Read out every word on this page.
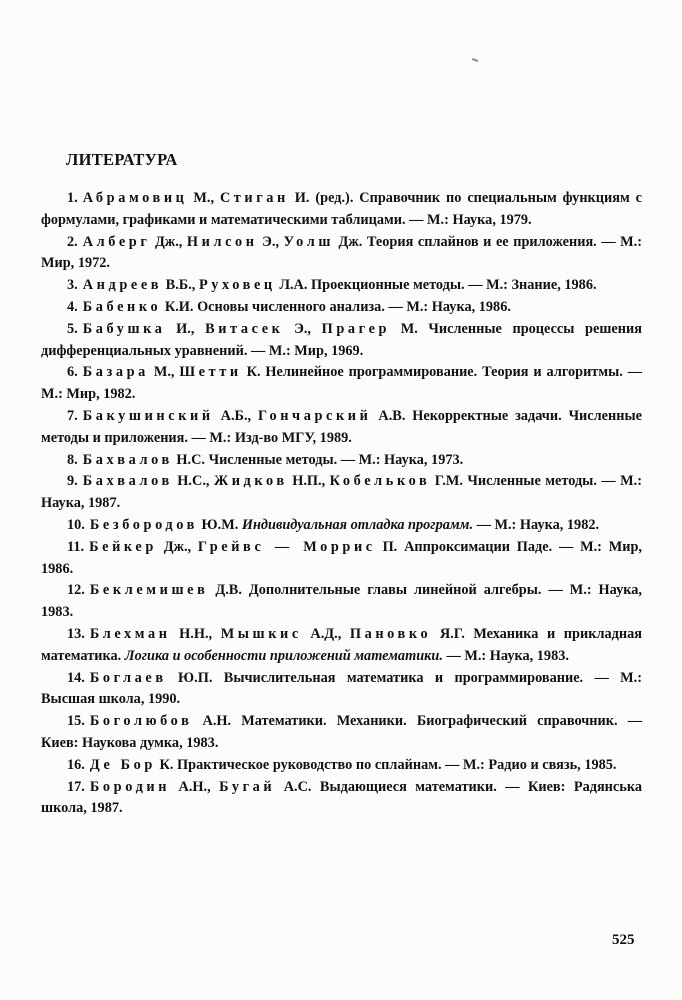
ЛИТЕРАТУРА
1. Абрамовиц М., Стиган И. (ред.). Справочник по специальным функциям с формулами, графиками и математическими таблицами. — М.: Наука, 1979.
2. Алберг Дж., Нилсон Э., Уолш Дж. Теория сплайнов и ее приложения. — М.: Мир, 1972.
3. Андреев В.Б., Руховец Л.А. Проекционные методы. — М.: Знание, 1986.
4. Бабенко К.И. Основы численного анализа. — М.: Наука, 1986.
5. Бабушка И., Витасек Э., Прагер М. Численные процессы решения дифференциальных уравнений. — М.: Мир, 1969.
6. Базара М., Шетти К. Нелинейное программирование. Теория и алгоритмы. — М.: Мир, 1982.
7. Бакушинский А.Б., Гончарский А.В. Некорректные задачи. Численные методы и приложения. — М.: Изд-во МГУ, 1989.
8. Бахвалов Н.С. Численные методы. — М.: Наука, 1973.
9. Бахвалов Н.С., Жидков Н.П., Кобельков Г.М. Численные методы. — М.: Наука, 1987.
10. Безбородов Ю.М. Индивидуальная отладка программ. — М.: Наука, 1982.
11. Бейкер Дж., Грейвс — Моррис П. Аппроксимации Паде. — М.: Мир, 1986.
12. Беклемишев Д.В. Дополнительные главы линейной алгебры. — М.: Наука, 1983.
13. Блехман Н.Н., Мышкис А.Д., Пановко Я.Г. Механика и прикладная математика. Логика и особенности приложений математики. — М.: Наука, 1983.
14. Боглаев Ю.П. Вычислительная математика и программирование. — М.: Высшая школа, 1990.
15. Боголюбов А.Н. Математики. Механики. Биографический справочник. — Киев: Наукова думка, 1983.
16. Де Бор К. Практическое руководство по сплайнам. — М.: Радио и связь, 1985.
17. Бородин А.Н., Бугай А.С. Выдающиеся математики. — Киев: Радянська школа, 1987.
525
